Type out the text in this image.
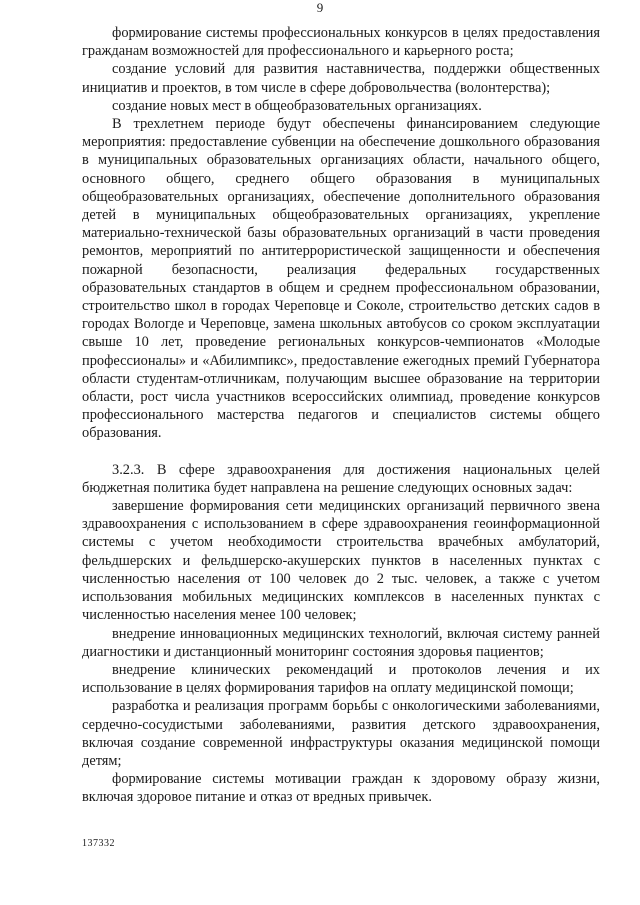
9

формирование системы профессиональных конкурсов в целях предоставления гражданам возможностей для профессионального и карьерного роста;

создание условий для развития наставничества, поддержки общественных инициатив и проектов, в том числе в сфере добровольчества (волонтерства);

создание новых мест в общеобразовательных организациях.

В трехлетнем периоде будут обеспечены финансированием следующие мероприятия: предоставление субвенции на обеспечение дошкольного образования в муниципальных образовательных организациях области, начального общего, основного общего, среднего общего образования в муниципальных общеобразовательных организациях, обеспечение дополнительного образования детей в муниципальных общеобразовательных организациях, укрепление материально-технической базы образовательных организаций в части проведения ремонтов, мероприятий по антитеррористической защищенности и обеспечения пожарной безопасности, реализация федеральных государственных образовательных стандартов в общем и среднем профессиональном образовании, строительство школ в городах Череповце и Соколе, строительство детских садов в городах Вологде и Череповце, замена школьных автобусов со сроком эксплуатации свыше 10 лет, проведение региональных конкурсов-чемпионатов «Молодые профессионалы» и «Абилимпикс», предоставление ежегодных премий Губернатора области студентам-отличникам, получающим высшее образование на территории области, рост числа участников всероссийских олимпиад, проведение конкурсов профессионального мастерства педагогов и специалистов системы общего образования.

3.2.3. В сфере здравоохранения для достижения национальных целей бюджетная политика будет направлена на решение следующих основных задач:

завершение формирования сети медицинских организаций первичного звена здравоохранения с использованием в сфере здравоохранения геоинформационной системы с учетом необходимости строительства врачебных амбулаторий, фельдшерских и фельдшерско-акушерских пунктов в населенных пунктах с численностью населения от 100 человек до 2 тыс. человек, а также с учетом использования мобильных медицинских комплексов в населенных пунктах с численностью населения менее 100 человек;

внедрение инновационных медицинских технологий, включая систему ранней диагностики и дистанционный мониторинг состояния здоровья пациентов;

внедрение клинических рекомендаций и протоколов лечения и их использование в целях формирования тарифов на оплату медицинской помощи;

разработка и реализация программ борьбы с онкологическими заболеваниями, сердечно-сосудистыми заболеваниями, развития детского здравоохранения, включая создание современной инфраструктуры оказания медицинской помощи детям;

формирование системы мотивации граждан к здоровому образу жизни, включая здоровое питание и отказ от вредных привычек.

137332
